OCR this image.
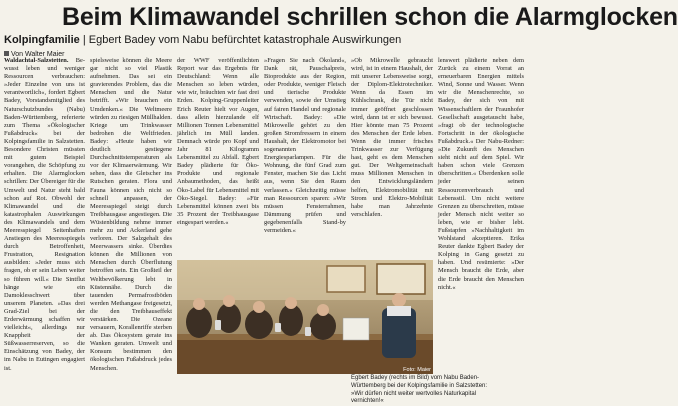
Beim Klimawandel schrillen schon die Alarmglocken
Kolpingfamilie | Egbert Badey vom Nabu befürchtet katastrophale Auswirkungen
Von Walter Maier

Waldachtal-Salzstetten. Bewusst leben und weniger Ressourcen verbrauchen: »Jeder Einzelne von uns ist verantwortlich«, fordert Egbert Badey, Vorstandsmitglied des Naturschutzbundes (Nabu) Baden-Württemberg, referierte zum Thema »Ökologischer Fußabdruck« bei der Kolpingsfamilie in Salzstetten. Besondere Christen müssten mit gutem Beispiel vorangehen, die Schöpfung zu erhalten. Die Alarmglocken schrillen: Der Übereiger für die Umwelt und Natur steht bald schon auf Rot. Obwohl der Klimawandel und die katastrophalen Auswirkungen des Klimawandels und dem Meeresspiegel Seitenhaften Anstiegen des Meeresspiegels durch Betroffenheit, Frustration, Resignation ausbilden: »Jeder muss sich fragen, ob er sein Leben weiter so führen will.« Die Sintflut hänge wie ein Damoklesschwert über unserem Planeten. »Das drei Grad-Ziel bei der Erderwärmung schaffen wir vielleicht«, allerdings nur Knappheit der Süßwasserreserven, so die Einschätzung von Badey, der im Nabu in Eutingen engagiert ist.

spielsweise können die Meere gar nicht so viel Plastik aufnehmen. Das sei ein gravierendes Problem, das die Menschen und die Natur betrifft. »Wir brauchen ein Umdenken.« Die Weltmeere würden zu riesigen Müllhalden. Kriege um Trinkwasser bedrohen die Weltfrieden. Badey: »Heute haben wir deutlich gestiegene Durchschnittstemperaturen als vor der Klimaerwärmung. Wir sehen, dass die Gletscher ins Rutschen geraten. Flora und Fauna können sich nicht so schnell anpassen, der Meeresspiegel steigt durch Treibhausgase angestiegen. Die Wüstenbildung nehme immer mehr zu und Ackerland gehe verloren. Der Salzgehalt des Meerwassers sinke. Überdies können die Millionen von Menschen durch Überflutung betroffen sein. Ein Großteil der Weltbevölkerung lebt in Küstennähe. Durch die tauenden Permafrostböden werden Methangase freigesetzt, die den Treibhauseffekt verstärken. Die Ozeane versauern, Korallenriffe sterben ab. Das Ökosystem gerate ins Wanken geraten. Umwelt und Konsum bestimmen den ökologischen Fußabdruck jedes Menschen.

der WWF veröffentlichten Report war das Ergebnis für Deutschland: Wenn alle Menschen so leben würden, wie wir, bräuchten wir fast drei Erden. Kolping-Gruppenleiter Erich Reuter hielt vor Augen, dass allein hierzulande elf Millionen Tonnen Lebensmittel jährlich im Müll landen. Demnach würde pro Kopf und Jahr 81 Kilogramm Lebensmittel zu Abfall. Egbert Badey plädierte für Öko-Produkte und regionale Anbaumethoden, das heißt Öko-Label für Lebensmittel mit Öko-Siegel. Badey: »Für Lebensmittel können zwei bis 35 Prozent der Treibhausgase eingespart werden.«

»Fragen Sie nach Ökoland«, Dank rät, Pauschalpreis, Bioprodukte aus der Region, oder Produkte, weniger Fleisch und tierische Produkte verwenden, sowie der Umstieg auf fairen Handel und regionale Wirtschaft. Badey: »Die Mikrowelle gehört zu den großen Stromfressern in einem Haushalt, der Elektromotor bei sogenannten Energiesparlampen. Für die Wohnung, die fünf Grad zum Fenster, machen Sie das Licht aus, wenn Sie den Raum verlassen.« Gleichzeitig müsse man Ressourcen sparen: »Wir müssen Fensterrahmen, Dämmung prüfen und gegebenenfalls Stand-by vermeiden.«

»Ob Mikrowelle gebraucht wird, ist in einem Haushalt, der mit unserer Lebensweise sorgt, der Diplom-Elektrotechniker. Wenn da Essen im Kühlschrank, die Tür nicht immer geöffnet geschlossen wird, dann ist er sich bewusst. Hier könnte man 75 Prozent des Menschen der Erde leben. Wenn die immer frisches Trinkwasser zur Verfügung hast, geht es dem Menschen gut. Der Weltgemeinschaft muss Millionen Menschen in den Entwicklungsländern helfen, Elektromobilität mit Strom und Elektro-Mobilität habe man Jahrzehnte verschlafen.

lenswert plädierte neben dem Zurück zu einem Vorrat an erneuerbaren Energien mittels Wind, Sonne und Wasser. Wenn wir die Menschenrechte, so Badey, der sich von mit Wissenschaftlern der Fraunhofer Gesellschaft ausgetauscht habe, »fragt ob der technologische Fortschritt in der ökologische Fußabdruck.« Der Nabu-Redner: »Die Zukunft des Menschen sieht nicht auf dem Spiel. Wir haben schon viele Grenzen überschritten.« Überdenken solle jeder seinen Ressourcenverbrauch und Lebensstil. Um nicht weitere Grenzen zu überschreiten, müsse jeder Mensch nicht weiter so leben, wie er bisher lebt. Fußstapfen »Nachhaltigkeit im Wohlstand akzeptieren. Erika Reuter dankte Egbert Badey der Kolping in Gang gesetzt zu haben. Und resümierte: »Der Mensch braucht die Erde, aber die Erde braucht den Menschen nicht.«

Foto: Maier
Egbert Badey (rechts im Bild) vom Nabu Baden-Württemberg bei der Kolpingsfamilie in Salzstetten: »Wir dürfen nicht weiter wertvolles Naturkapital vernichten!«
